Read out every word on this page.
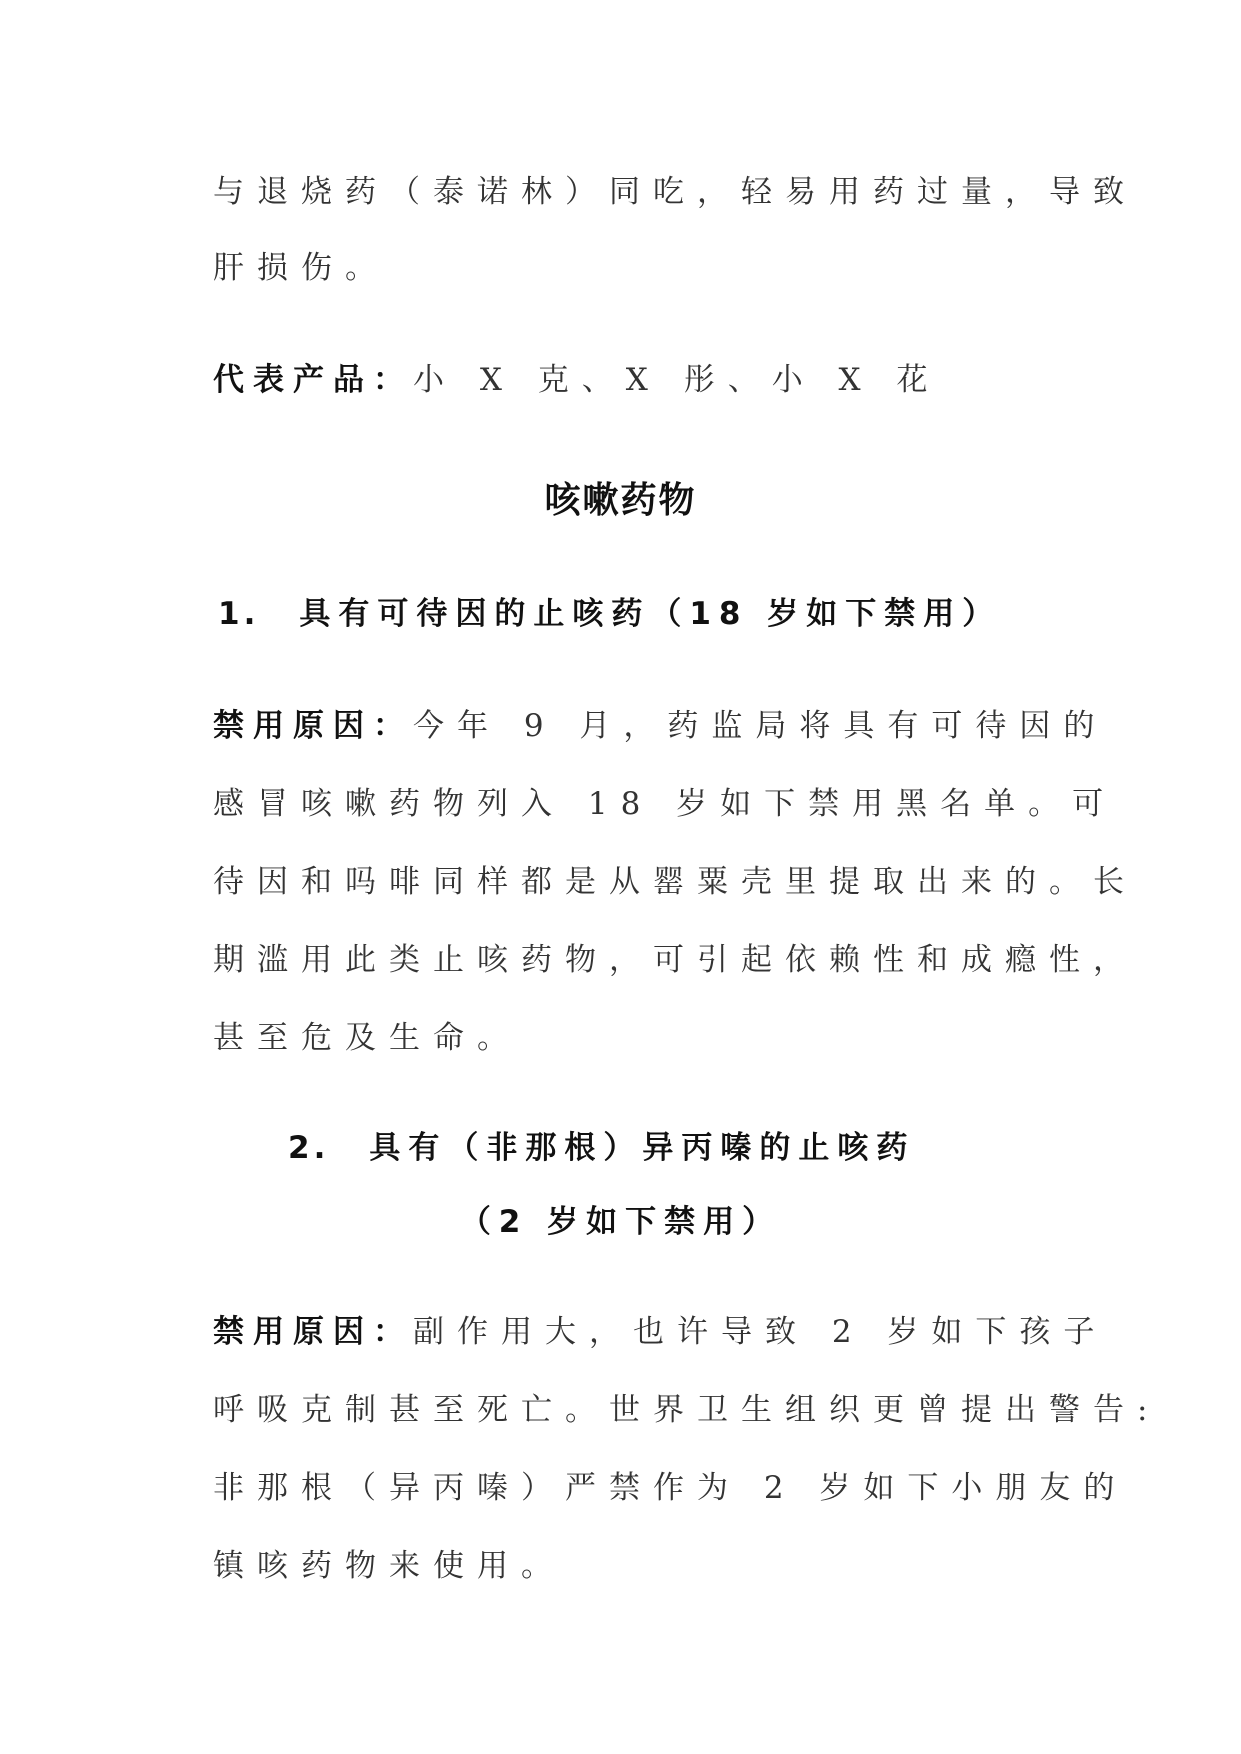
与退烧药（泰诺林）同吃，轻易用药过量，导致
肝损伤。
代表产品：小 X 克、X 彤、小 X 花
咳嗽药物
1. 具有可待因的止咳药（18 岁如下禁用）
禁用原因：今年 9 月，药监局将具有可待因的
感冒咳嗽药物列入 18 岁如下禁用黑名单。可
待因和吗啡同样都是从罂粟壳里提取出来的。长
期滥用此类止咳药物，可引起依赖性和成瘾性，
甚至危及生命。
2. 具有（非那根）异丙嗪的止咳药
（2 岁如下禁用）
禁用原因：副作用大，也许导致 2 岁如下孩子
呼吸克制甚至死亡。世界卫生组织更曾提出警告:
非那根（异丙嗪）严禁作为 2 岁如下小朋友的
镇咳药物来使用。
